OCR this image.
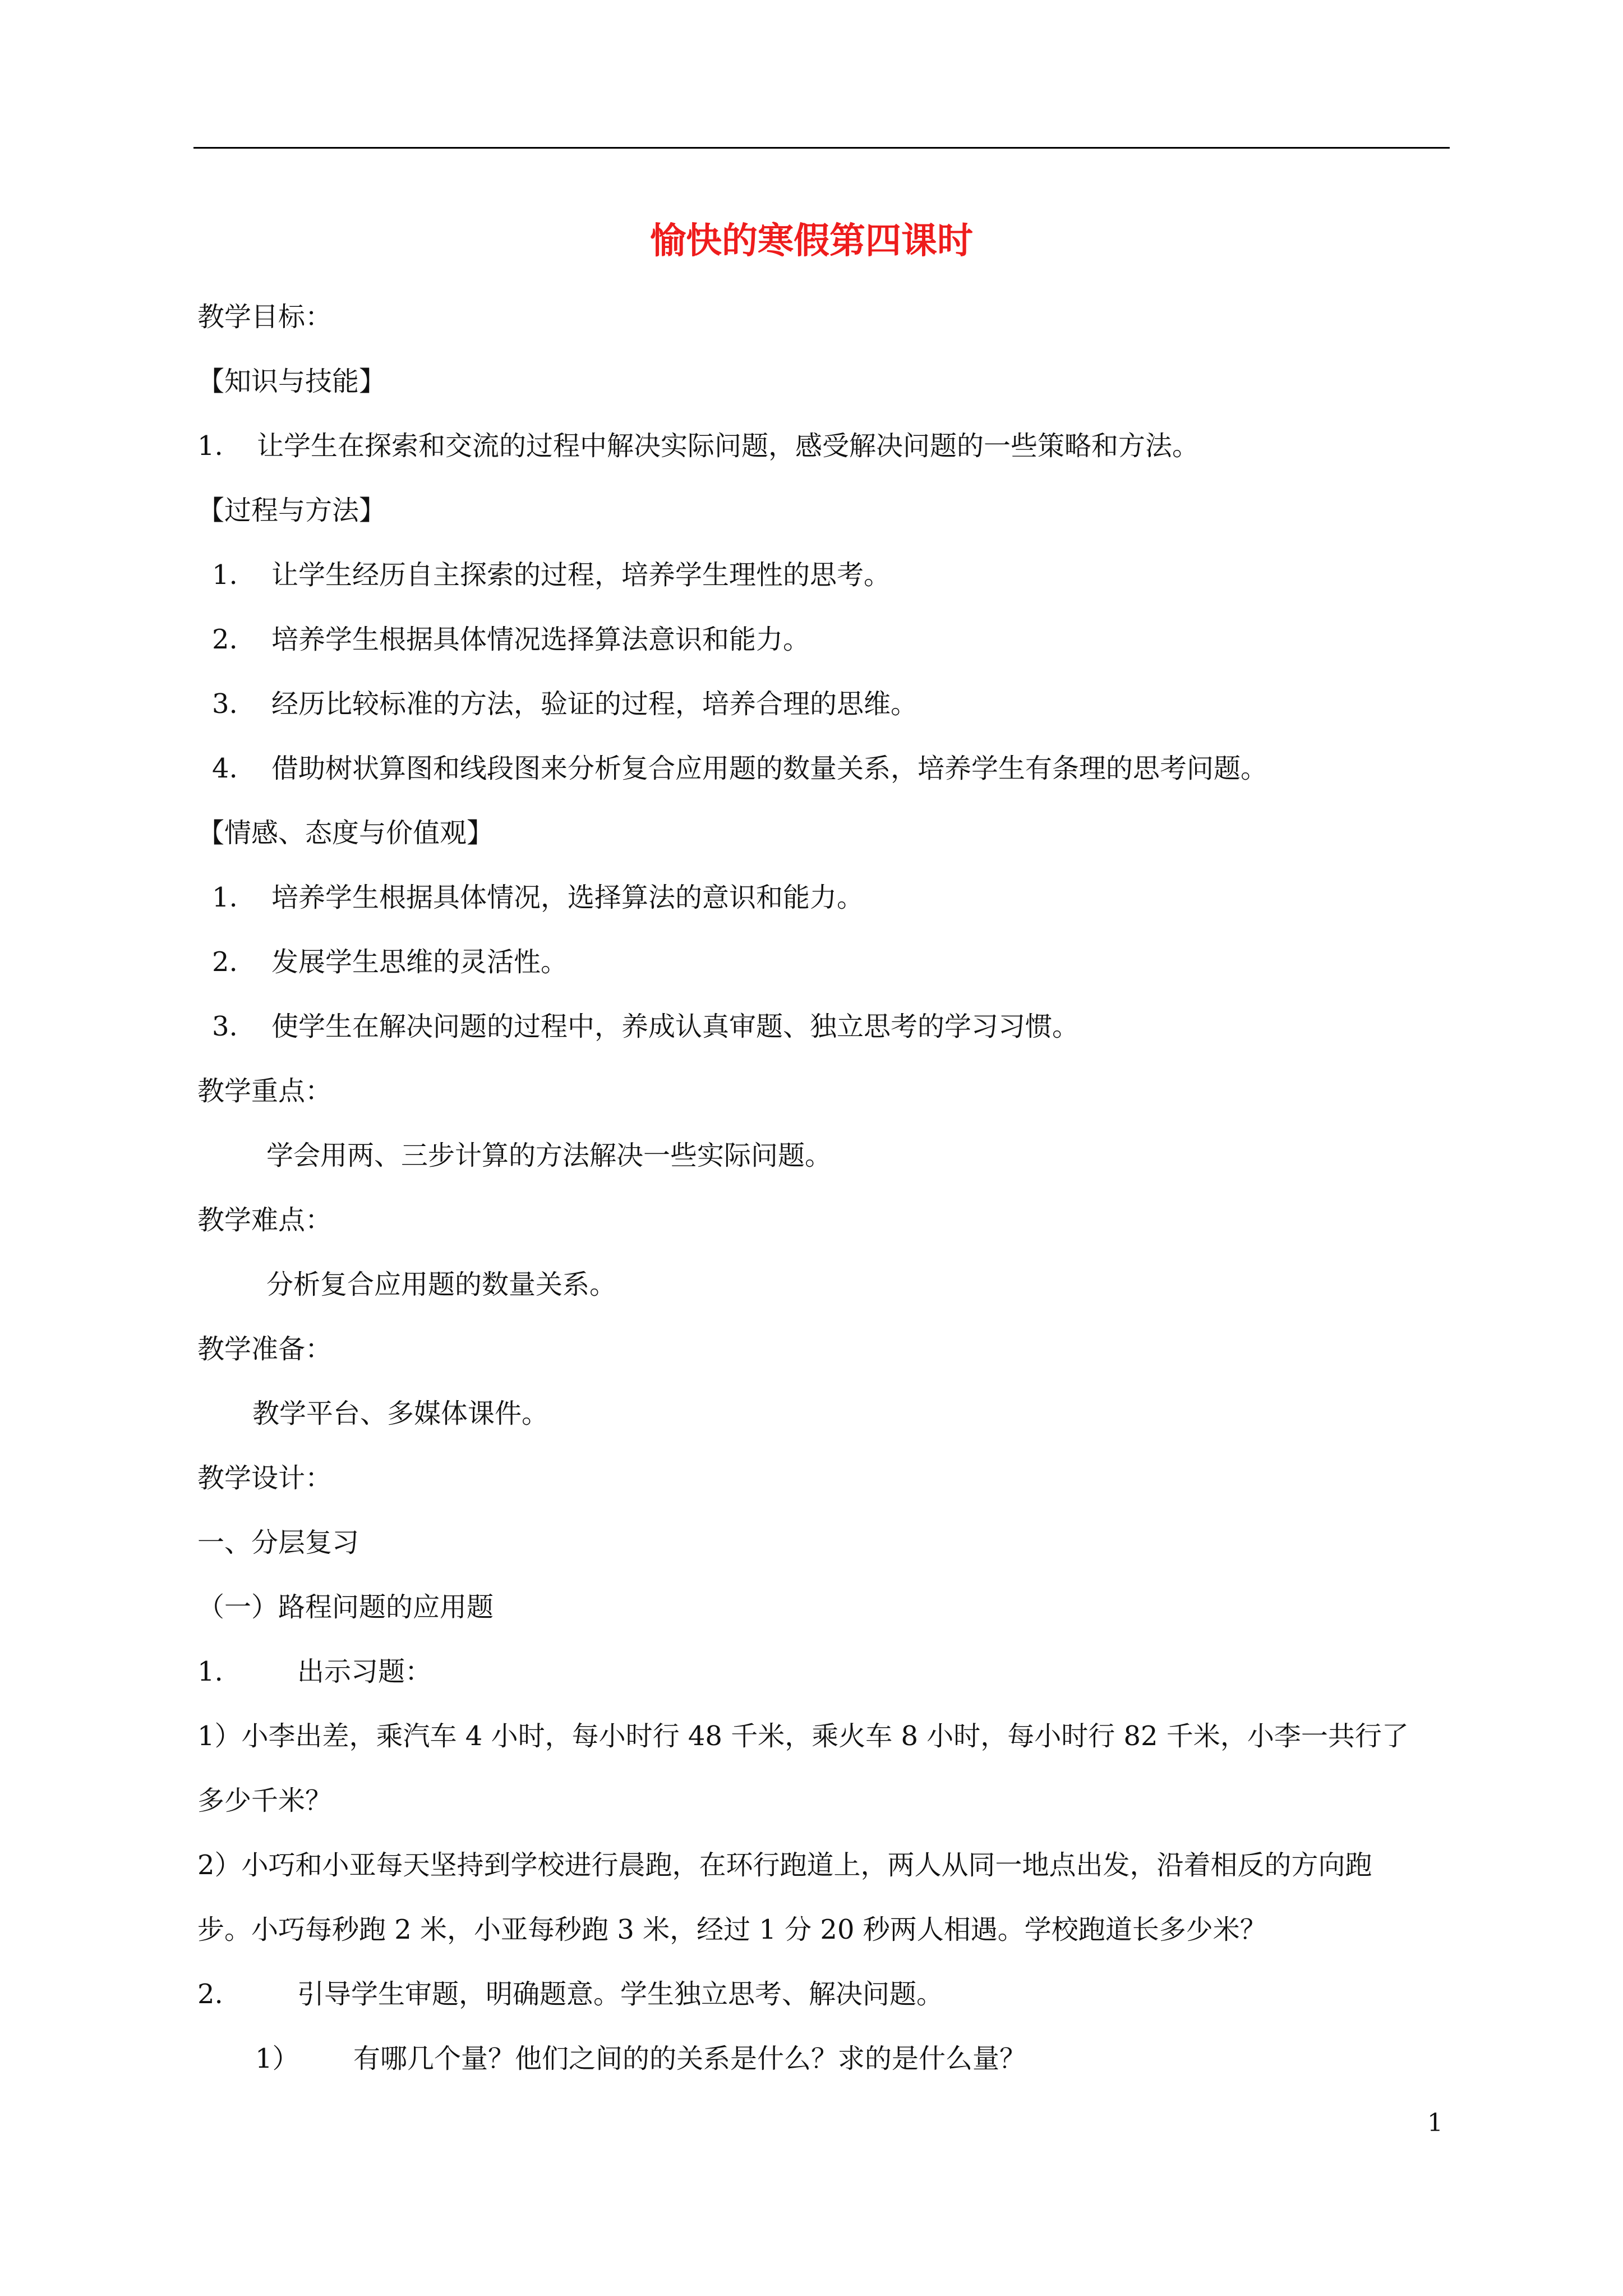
愉快的寒假第四课时
教学目标：
【知识与技能】
1. 让学生在探索和交流的过程中解决实际问题，感受解决问题的一些策略和方法。
【过程与方法】
1. 让学生经历自主探索的过程，培养学生理性的思考。
2. 培养学生根据具体情况选择算法意识和能力。
3. 经历比较标准的方法，验证的过程，培养合理的思维。
4. 借助树状算图和线段图来分析复合应用题的数量关系，培养学生有条理的思考问题。
【情感、态度与价值观】
1. 培养学生根据具体情况，选择算法的意识和能力。
2. 发展学生思维的灵活性。
3. 使学生在解决问题的过程中，养成认真审题、独立思考的学习习惯。
教学重点：
学会用两、三步计算的方法解决一些实际问题。
教学难点：
分析复合应用题的数量关系。
教学准备：
教学平台、多媒体课件。
教学设计：
一、分层复习
（一）路程问题的应用题
1.	出示习题：
1）小李出差，乘汽车 4 小时，每小时行 48 千米，乘火车 8 小时，每小时行 82 千米，小李一共行了
多少千米？
2）小巧和小亚每天坚持到学校进行晨跑，在环行跑道上，两人从同一地点出发，沿着相反的方向跑
步。小巧每秒跑 2 米，小亚每秒跑 3 米，经过 1 分 20 秒两人相遇。学校跑道长多少米？
2.	引导学生审题，明确题意。学生独立思考、解决问题。
1） 有哪几个量？他们之间的的关系是什么？求的是什么量？
1
